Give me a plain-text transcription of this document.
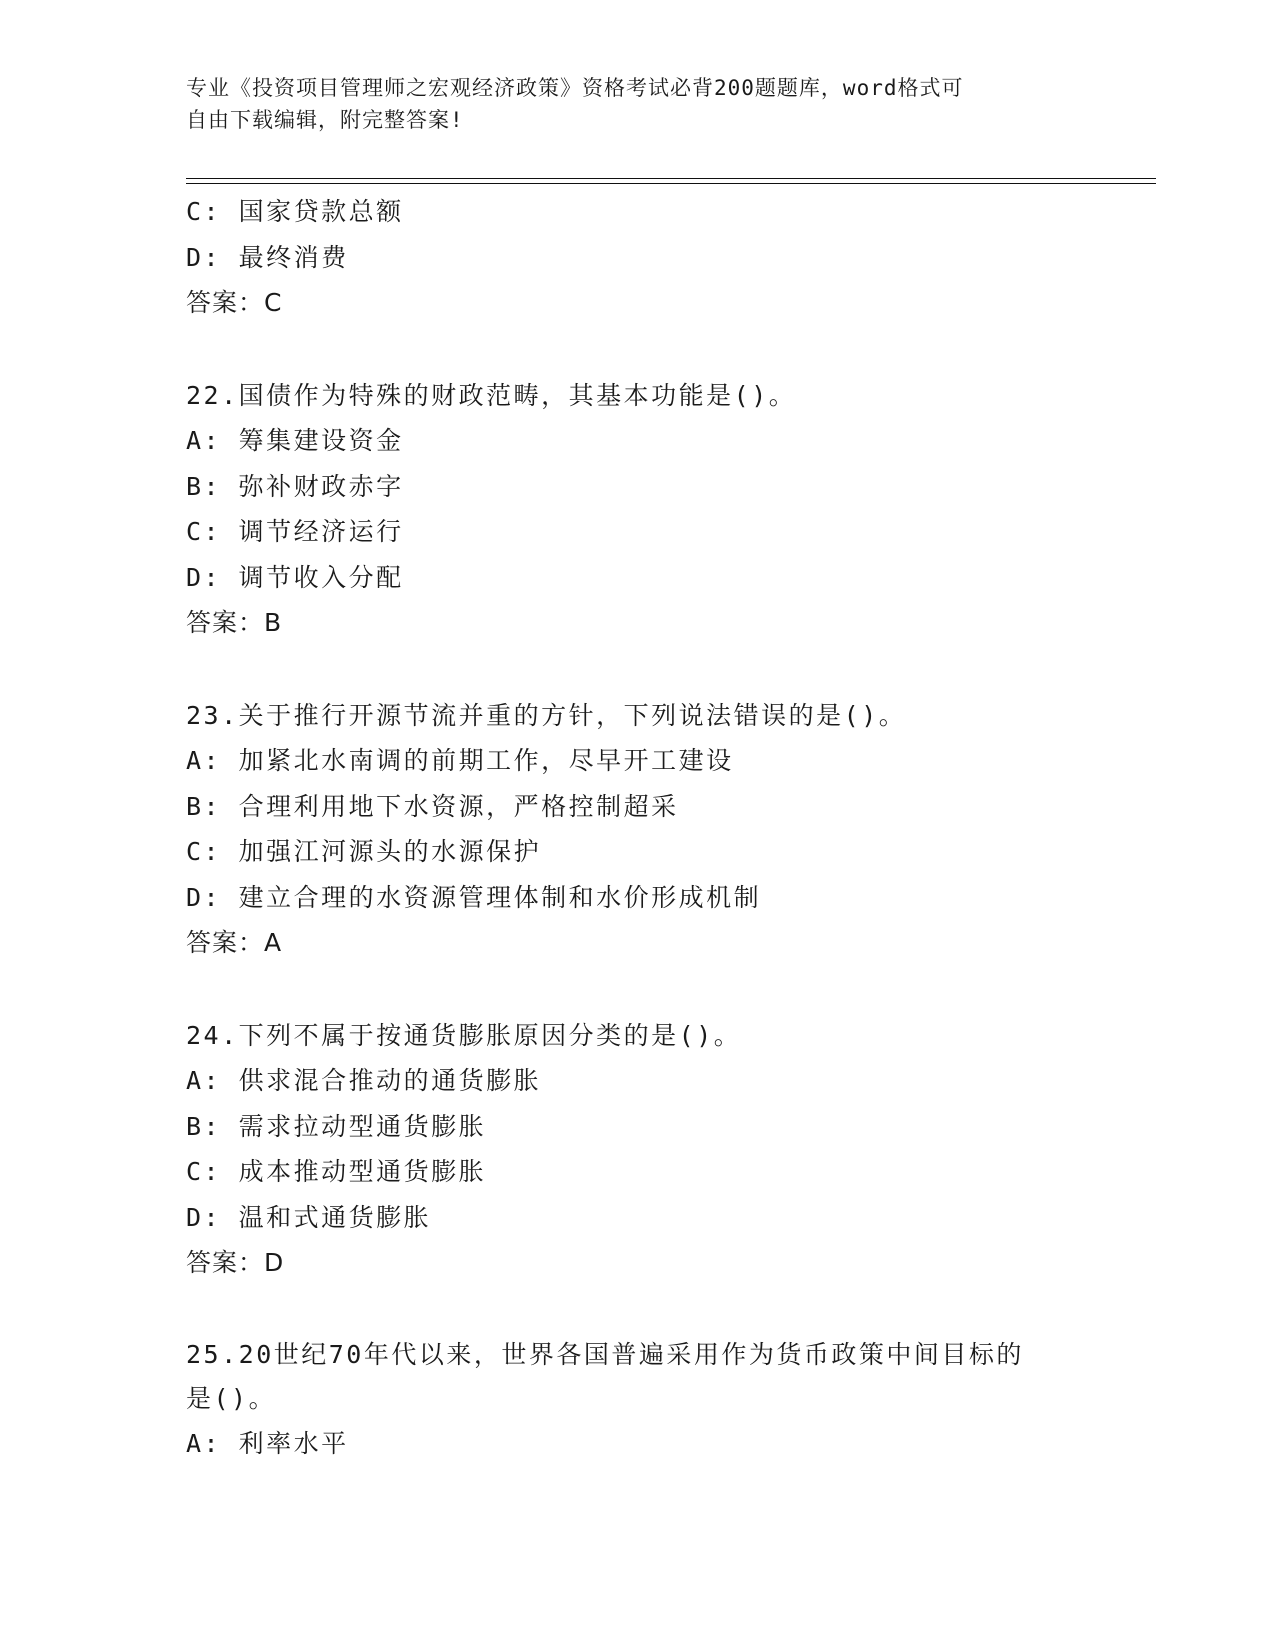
专业《投资项目管理师之宏观经济政策》资格考试必背200题题库，word格式可
自由下载编辑，附完整答案!
C: 国家贷款总额
D: 最终消费
答案：C
22.国债作为特殊的财政范畴，其基本功能是()。
A: 筹集建设资金
B: 弥补财政赤字
C: 调节经济运行
D: 调节收入分配
答案：B
23.关于推行开源节流并重的方针，下列说法错误的是()。
A: 加紧北水南调的前期工作，尽早开工建设
B: 合理利用地下水资源，严格控制超采
C: 加强江河源头的水源保护
D: 建立合理的水资源管理体制和水价形成机制
答案：A
24.下列不属于按通货膨胀原因分类的是()。
A: 供求混合推动的通货膨胀
B: 需求拉动型通货膨胀
C: 成本推动型通货膨胀
D: 温和式通货膨胀
答案：D
25.20世纪70年代以来，世界各国普遍采用作为货币政策中间目标的
是()。
A: 利率水平
